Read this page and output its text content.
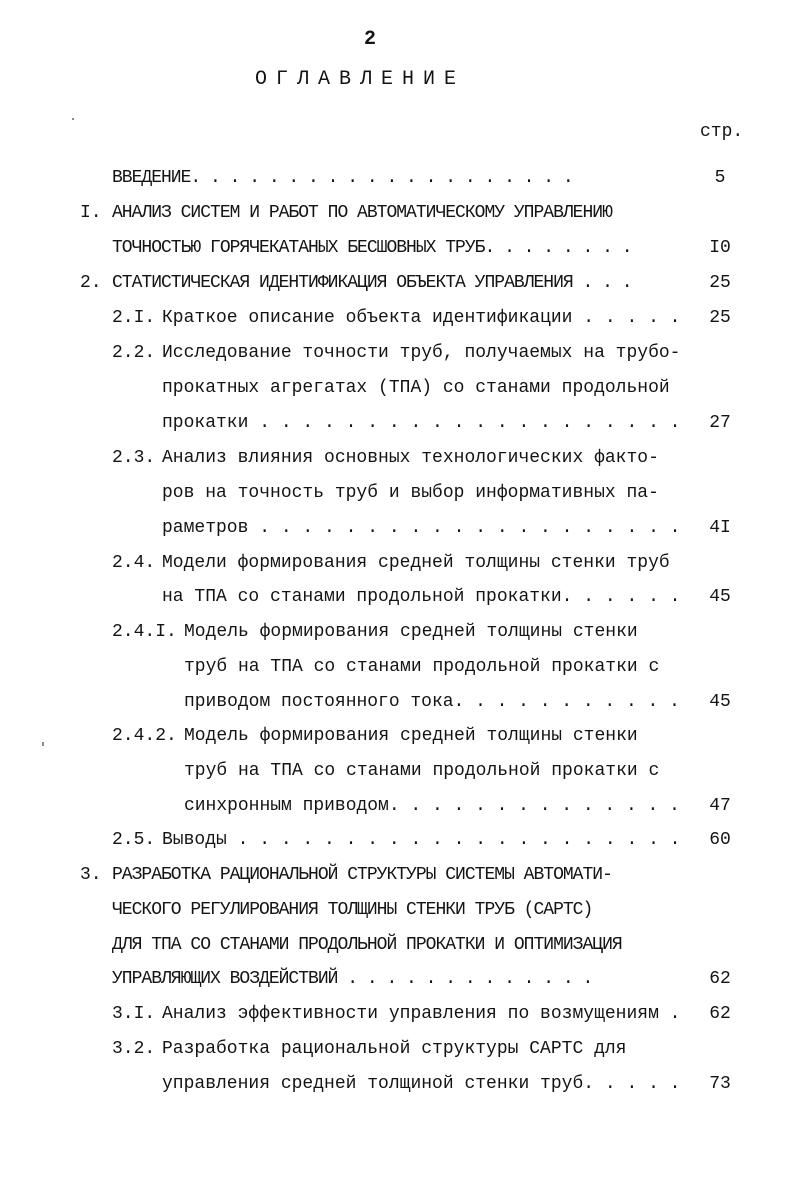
2
ОГЛАВЛЕНИЕ
стр.
ВВЕДЕНИЕ. . . . . . . . . . . . . . . . . . . .	5
I. АНАЛИЗ СИСТЕМ И РАБОТ ПО АВТОМАТИЧЕСКОМУ УПРАВЛЕНИЮ
ТОЧНОСТЬЮ ГОРЯЧЕКАТАНЫХ БЕСШОВНЫХ ТРУБ. . . . . . . .	I0
2. СТАТИСТИЧЕСКАЯ ИДЕНТИФИКАЦИЯ ОБЪЕКТА УПРАВЛЕНИЯ . . .	25
2.I. Краткое описание объекта идентификации . . . . .	25
2.2. Исследование точности труб, получаемых на трубо-
прокатных агрегатах (ТПА) со станами продольной
прокатки . . . . . . . . . . . . . . . . . . . .	27
2.3. Анализ влияния основных технологических факто-
ров на точность труб и выбор информативных па-
раметров . . . . . . . . . . . . . . . . . . . .	4I
2.4. Модели формирования средней толщины стенки труб
на ТПА со станами продольной прокатки. . . . . .	45
2.4.I. Модель формирования средней толщины стенки
труб на ТПА со станами продольной прокатки с
приводом постоянного тока. . . . . . . . . . .	45
2.4.2. Модель формирования средней толщины стенки
труб на ТПА со станами продольной прокатки с
синхронным приводом. . . . . . . . . . . . . .	47
2.5. Выводы . . . . . . . . . . . . . . . . . . . . .	60
3. РАЗРАБОТКА РАЦИОНАЛЬНОЙ СТРУКТУРЫ СИСТЕМЫ АВТОМАТИ-
ЧЕСКОГО РЕГУЛИРОВАНИЯ ТОЛЩИНЫ СТЕНКИ ТРУБ (САРТС)
ДЛЯ ТПА СО СТАНАМИ ПРОДОЛЬНОЙ ПРОКАТКИ И ОПТИМИЗАЦИЯ
УПРАВЛЯЮЩИХ ВОЗДЕЙСТВИЙ . . . . . . . . . . . . .	62
3.I. Анализ эффективности управления по возмущениям .	62
3.2. Разработка рациональной структуры САРТС для
управления средней толщиной стенки труб. . . . .	73
